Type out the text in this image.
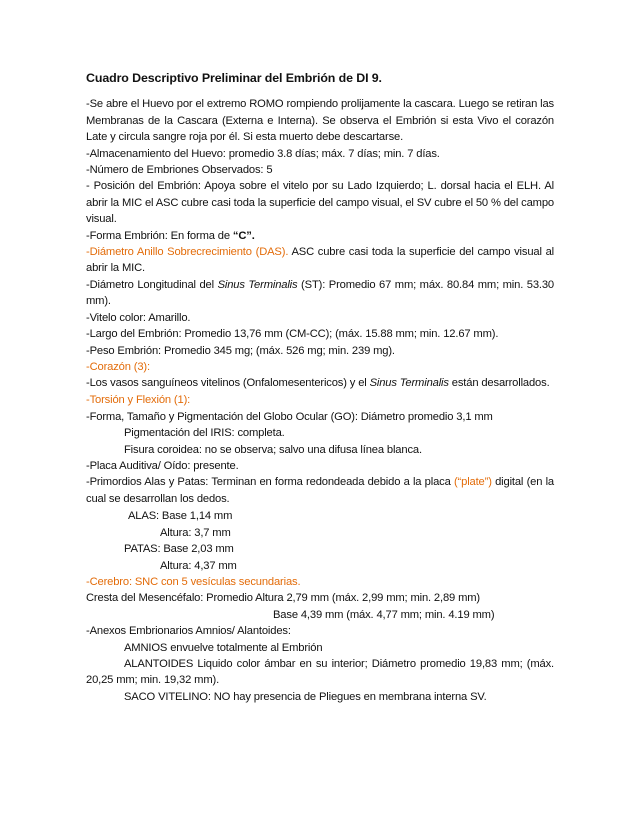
Cuadro Descriptivo Preliminar del Embrión de DI 9.

-Se abre el Huevo por el extremo ROMO rompiendo prolijamente la cascara. Luego se retiran las Membranas de la Cascara (Externa e Interna). Se observa el Embrión si esta Vivo el corazón Late y circula sangre roja por él. Si esta muerto debe descartarse.

-Almacenamiento del Huevo: promedio 3.8 días; máx. 7 días; min. 7 días.

-Número de Embriones Observados: 5

- Posición del Embrión: Apoya sobre el vitelo por su Lado Izquierdo; L. dorsal hacia el ELH. Al abrir la MIC el ASC cubre casi toda la superficie del campo visual, el SV cubre el 50 % del campo visual.

-Forma Embrión: En forma de “C”.

-Diámetro Anillo Sobrecrecimiento (DAS). ASC cubre casi toda la superficie del campo visual al abrir la MIC.

-Diámetro Longitudinal del Sinus Terminalis (ST): Promedio 67 mm; máx. 80.84 mm; min. 53.30 mm).

-Vitelo color: Amarillo.

-Largo del Embrión: Promedio 13,76 mm (CM-CC); (máx. 15.88 mm; min. 12.67 mm).

-Peso Embrión: Promedio 345 mg; (máx. 526 mg; min. 239 mg).

-Corazón (3):

-Los vasos sanguíneos vitelinos (Onfalomesentericos) y el Sinus Terminalis están desarrollados.

-Torsión y Flexión (1):

-Forma, Tamaño y Pigmentación del Globo Ocular (GO): Diámetro promedio 3,1 mm

Pigmentación del IRIS: completa.

Fisura coroidea: no se observa; salvo una difusa línea blanca.

-Placa Auditiva/ Oído: presente.

-Primordios Alas y Patas: Terminan en forma redondeada debido a la placa (“plate”) digital (en la cual se desarrollan los dedos.

ALAS: Base 1,14 mm

Altura: 3,7 mm

PATAS: Base 2,03 mm

Altura: 4,37 mm

-Cerebro: SNC con 5 vesículas secundarias.

Cresta del Mesencéfalo: Promedio Altura 2,79 mm (máx. 2,99 mm; min. 2,89 mm)

Base 4,39 mm (máx. 4,77 mm; min. 4.19 mm)

-Anexos Embrionarios Amnios/ Alantoides:

AMNIOS envuelve totalmente al Embrión

ALANTOIDES Liquido color ámbar en su interior; Diámetro promedio 19,83 mm; (máx. 20,25 mm; min. 19,32 mm).

SACO VITELINO: NO hay presencia de Pliegues en membrana interna SV.
